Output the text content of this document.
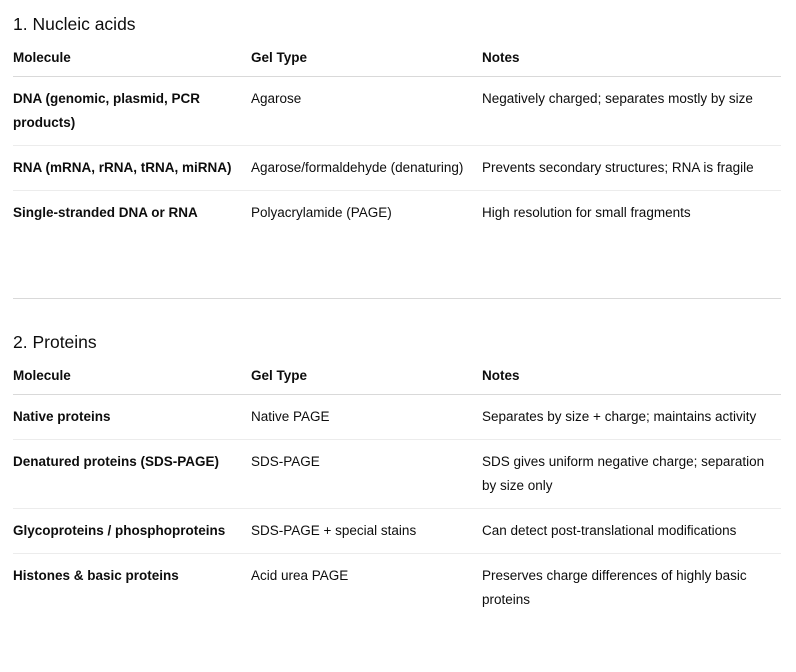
1. Nucleic acids
Molecule	Gel Type	Notes
DNA (genomic, plasmid, PCR products)	Agarose	Negatively charged; separates mostly by size
RNA (mRNA, rRNA, tRNA, miRNA)	Agarose/formaldehyde (denaturing)	Prevents secondary structures; RNA is fragile
Single-stranded DNA or RNA	Polyacrylamide (PAGE)	High resolution for small fragments
2. Proteins
Molecule	Gel Type	Notes
Native proteins	Native PAGE	Separates by size + charge; maintains activity
Denatured proteins (SDS-PAGE)	SDS-PAGE	SDS gives uniform negative charge; separation by size only
Glycoproteins / phosphoproteins	SDS-PAGE + special stains	Can detect post-translational modifications
Histones & basic proteins	Acid urea PAGE	Preserves charge differences of highly basic proteins
